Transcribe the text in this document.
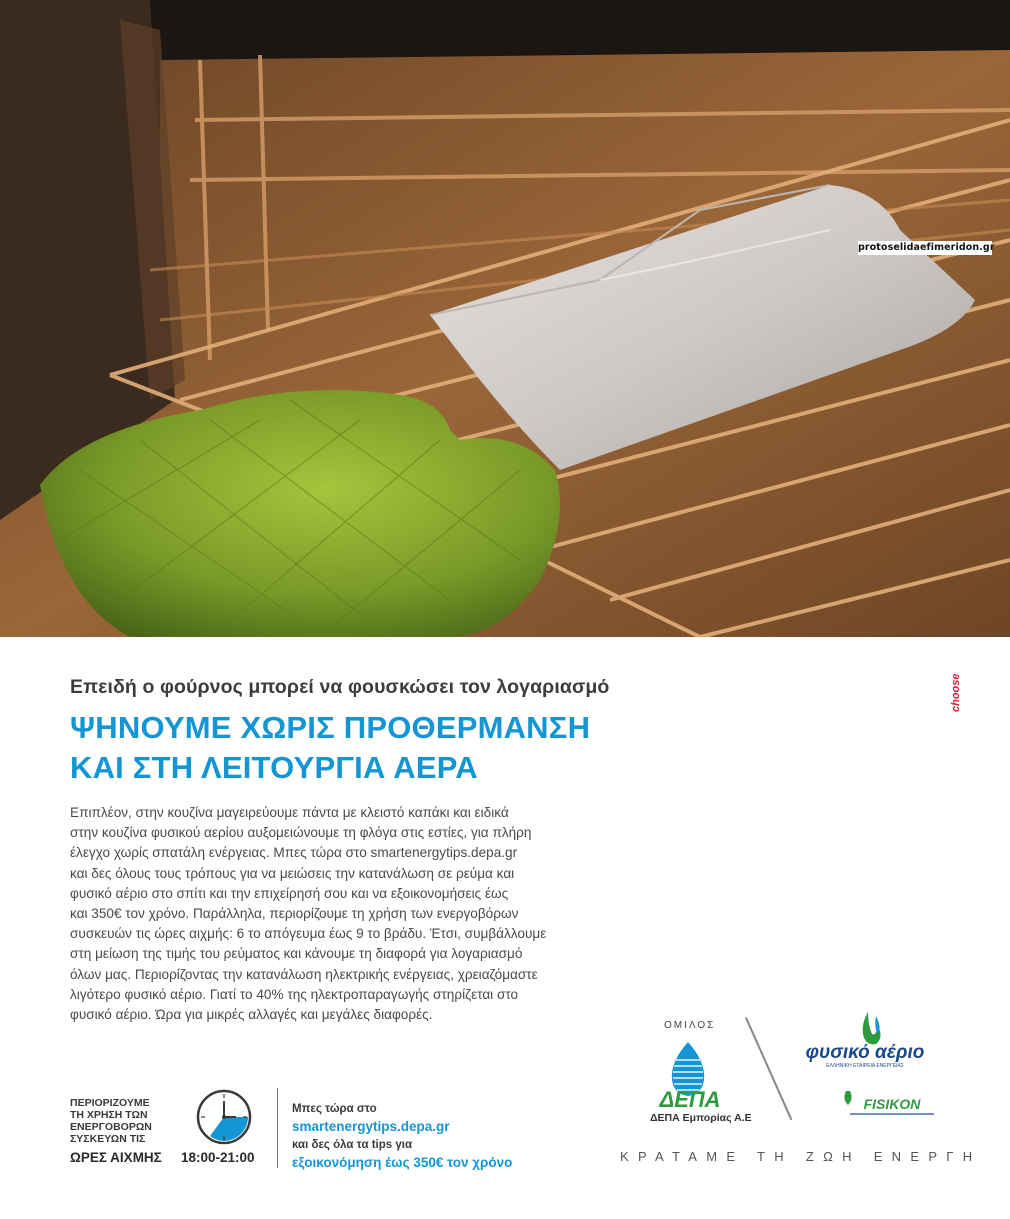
protoselidaefimeridon.gr
choose
Επειδή ο φούρνος μπορεί να φουσκώσει τον λογαριασμό
ΨΗΝΟΥΜΕ ΧΩΡΙΣ ΠΡΟΘΕΡΜΑΝΣΗ
ΚΑΙ ΣΤΗ ΛΕΙΤΟΥΡΓΙΑ ΑΕΡΑ
Επιπλέον, στην κουζίνα μαγειρεύουμε πάντα με κλειστό καπάκι και ειδικά
στην κουζίνα φυσικού αερίου αυξομειώνουμε τη φλόγα στις εστίες, για πλήρη
έλεγχο χωρίς σπατάλη ενέργειας. Μπες τώρα στο smartenergytips.depa.gr
και δες όλους τους τρόπους για να μειώσεις την κατανάλωση σε ρεύμα και
φυσικό αέριο στο σπίτι και την επιχείρησή σου και να εξοικονομήσεις έως
και 350€ τον χρόνο. Παράλληλα, περιορίζουμε τη χρήση των ενεργοβόρων
συσκευών τις ώρες αιχμής: 6 το απόγευμα έως 9 το βράδυ. Έτσι, συμβάλλουμε
στη μείωση της τιμής του ρεύματος και κάνουμε τη διαφορά για λογαριασμό
όλων μας. Περιορίζοντας την κατανάλωση ηλεκτρικής ενέργειας, χρειαζόμαστε
λιγότερο φυσικό αέριο. Γιατί το 40% της ηλεκτροπαραγωγής στηρίζεται στο
φυσικό αέριο. Ώρα για μικρές αλλαγές και μεγάλες διαφορές.
ΠΕΡΙΟΡΙΖΟΥΜΕ
ΤΗ ΧΡΗΣΗ ΤΩΝ
ΕΝΕΡΓΟΒΟΡΩΝ
ΣΥΣΚΕΥΩΝ ΤΙΣ
ΩΡΕΣ ΑΙΧΜΗΣ 18:00-21:00
Μπες τώρα στο
smartenergytips.depa.gr
και δες όλα τα tips για
εξοικονόμηση έως 350€ τον χρόνο
ΟΜΙΛΟΣ
ΔΕΠΑ
ΔΕΠΑ Εμπορίας Α.Ε
φυσικό αέριο
ΕΛΛΗΝΙΚΗ ΕΤΑΙΡΕΙΑ ΕΝΕΡΓΕΙΑΣ
FISIKON
ΚΡΑΤΑΜΕ ΤΗ ΖΩΗ ΕΝΕΡΓΗ
